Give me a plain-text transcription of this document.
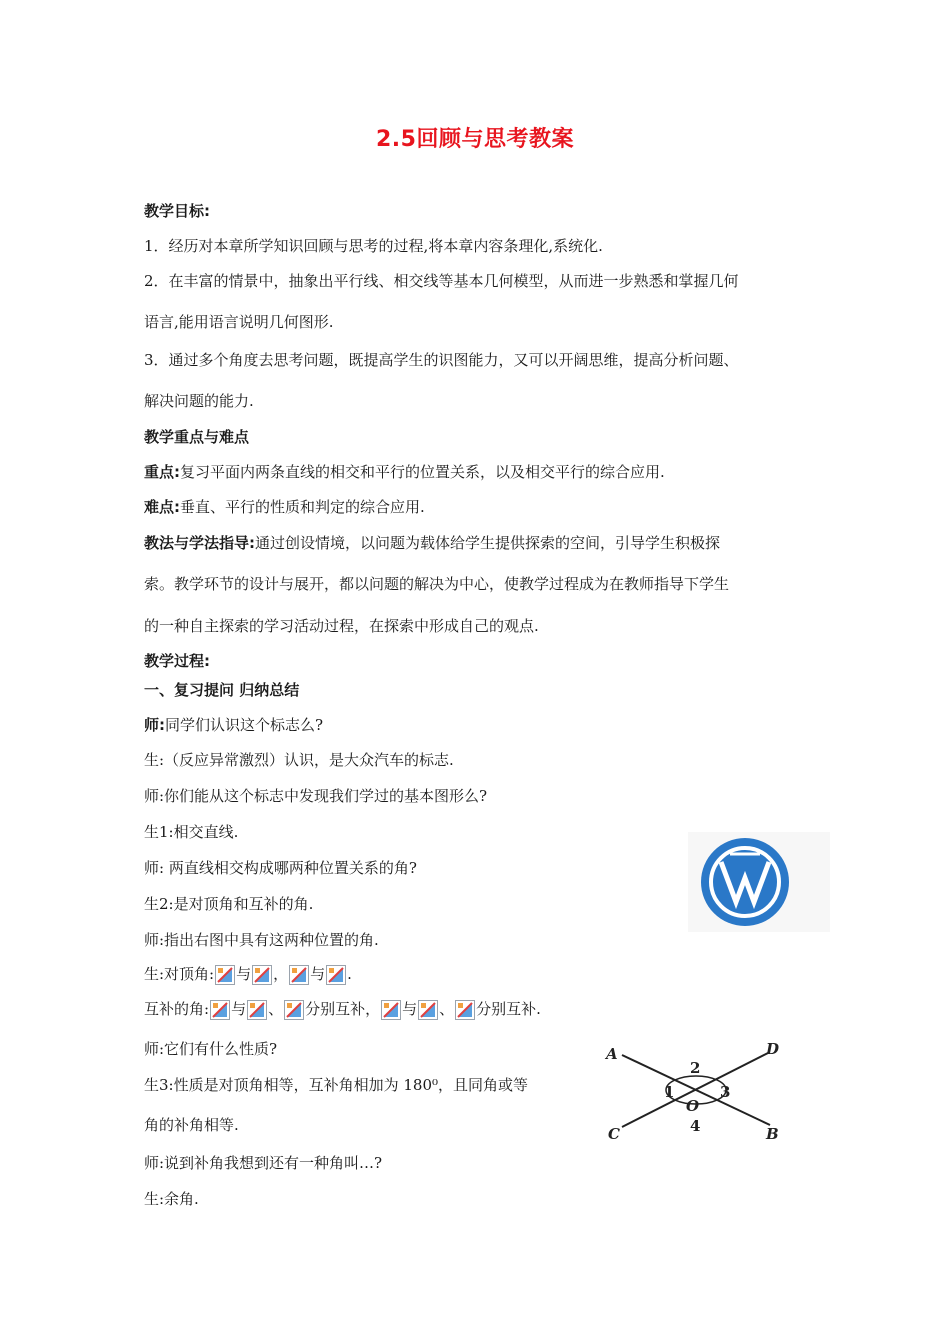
2.5回顾与思考教案
教学目标:
1．经历对本章所学知识回顾与思考的过程,将本章内容条理化,系统化.
2．在丰富的情景中，抽象出平行线、相交线等基本几何模型，从而进一步熟悉和掌握几何
语言,能用语言说明几何图形.
3．通过多个角度去思考问题，既提高学生的识图能力，又可以开阔思维，提高分析问题、
解决问题的能力.
教学重点与难点
重点:复习平面内两条直线的相交和平行的位置关系，以及相交平行的综合应用.
难点:垂直、平行的性质和判定的综合应用.
教法与学法指导:通过创设情境，以问题为载体给学生提供探索的空间，引导学生积极探
索。教学环节的设计与展开，都以问题的解决为中心，使教学过程成为在教师指导下学生
的一种自主探索的学习活动过程，在探索中形成自己的观点.
教学过程:
一、复习提问 归纳总结
师:同学们认识这个标志么?
生:（反应异常激烈）认识，是大众汽车的标志.
师:你们能从这个标志中发现我们学过的基本图形么?
生1:相交直线.
师: 两直线相交构成哪两种位置关系的角?
生2:是对顶角和互补的角.
师:指出右图中具有这两种位置的角.
生:对顶角: 与 ， 与 .
互补的角: 与 、 分别互补， 与 、 分别互补.
师:它们有什么性质?
生3:性质是对顶角相等，互补角相加为 180⁰，且同角或等
角的补角相等.
师:说到补角我想到还有一种角叫…?
生:余角.
A	D
C	B
O
1
2
3
4
